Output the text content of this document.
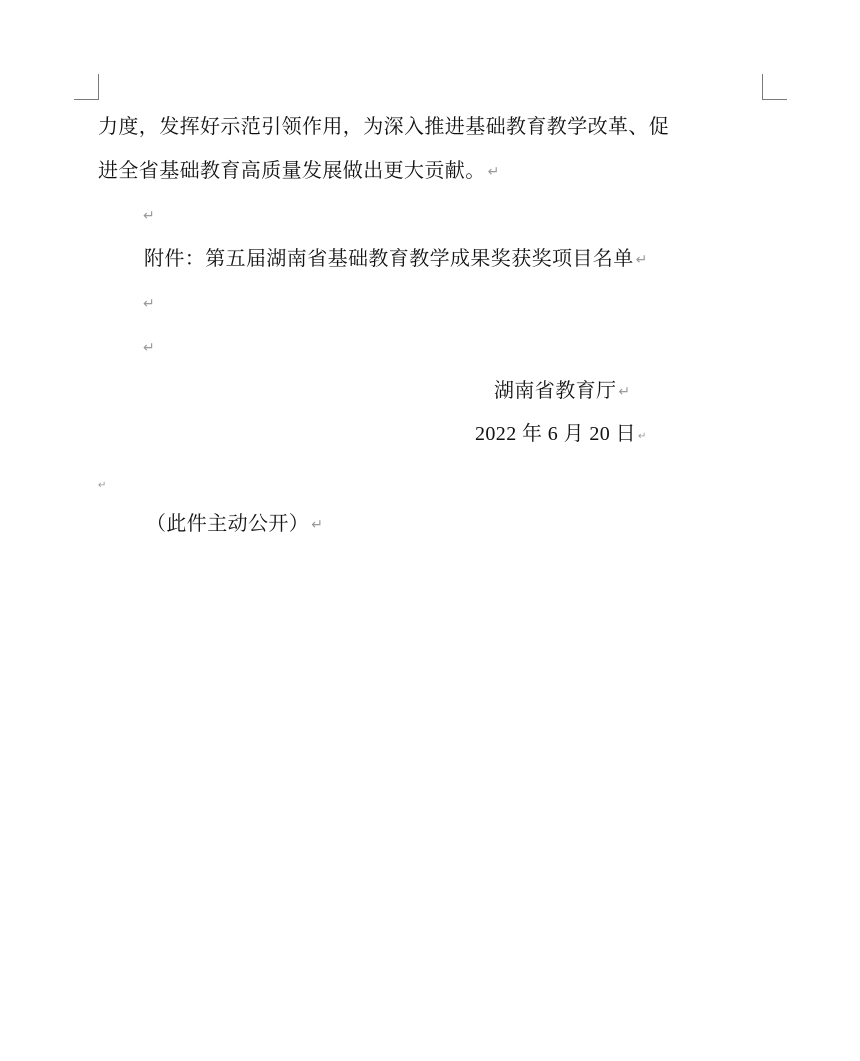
力度，发挥好示范引领作用，为深入推进基础教育教学改革、促
进全省基础教育高质量发展做出更大贡献。 ↵
↵
附件：第五届湖南省基础教育教学成果奖获奖项目名单 ↵
↵
↵
湖南省教育厅 ↵
2022 年 6 月 20 日 ↵
↵
（此件主动公开） ↵
